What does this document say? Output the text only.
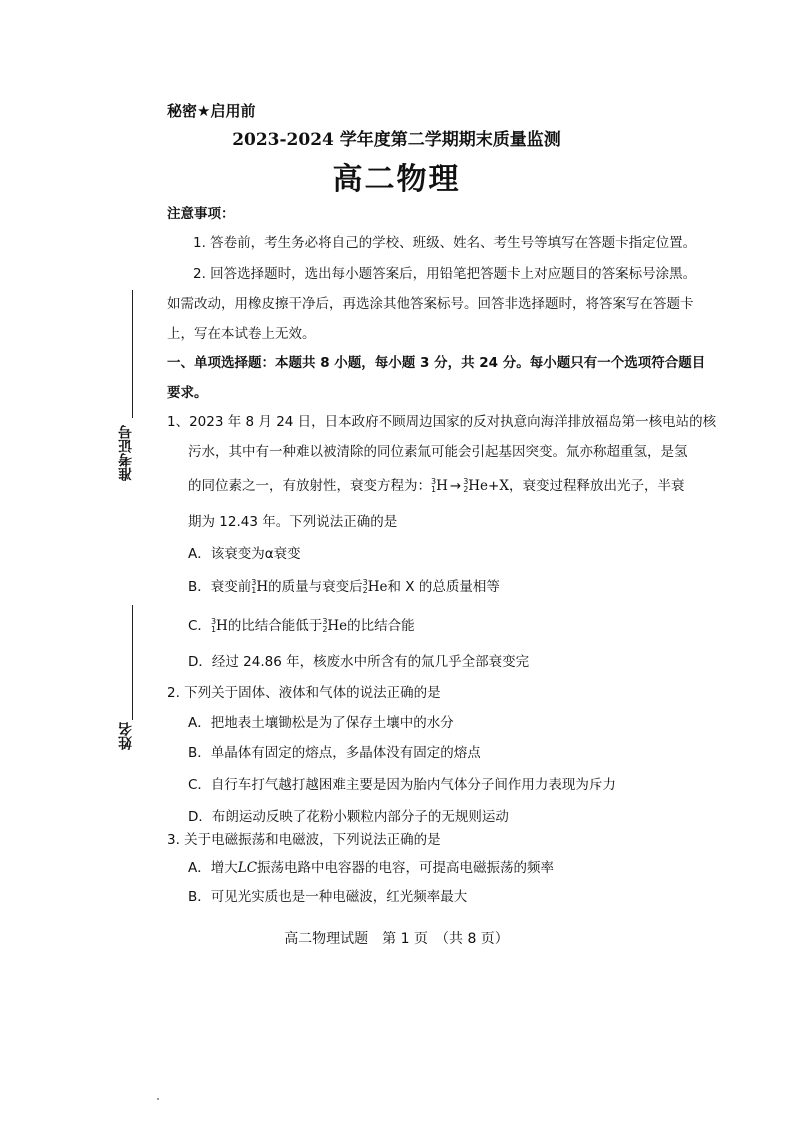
准考证号
姓名

秘密★启用前

2023-2024 学年度第二学期期末质量监测

高二物理

注意事项：

1. 答卷前，考生务必将自己的学校、班级、姓名、考生号等填写在答题卡指定位置。

2. 回答选择题时，选出每小题答案后，用铅笔把答题卡上对应题目的答案标号涂黑。

如需改动，用橡皮擦干净后，再选涂其他答案标号。回答非选择题时，将答案写在答题卡

上，写在本试卷上无效。

一、单项选择题：本题共 8 小题，每小题 3 分，共 24 分。每小题只有一个选项符合题目

要求。

1、2023 年 8 月 24 日，日本政府不顾周边国家的反对执意向海洋排放福岛第一核电站的核

污水，其中有一种难以被清除的同位素氚可能会引起基因突变。氚亦称超重氢，是氢

的同位素之一，有放射性，衰变方程为： 3
1 H → 3
2 He+X，衰变过程释放出光子，半衰

期为 12.43 年。下列说法正确的是

A．该衰变为α衰变

B．衰变前 3
1 H的质量与衰变后 3
2 He和 X 的总质量相等

C． 3
1 H的比结合能低于 3
2 He的比结合能

D．经过 24.86 年，核废水中所含有的氚几乎全部衰变完

2. 下列关于固体、液体和气体的说法正确的是

A．把地表土壤锄松是为了保存土壤中的水分

B．单晶体有固定的熔点，多晶体没有固定的熔点

C．自行车打气越打越困难主要是因为胎内气体分子间作用力表现为斥力

D．布朗运动反映了花粉小颗粒内部分子的无规则运动

3. 关于电磁振荡和电磁波，下列说法正确的是

A．增大LC振荡电路中电容器的电容，可提高电磁振荡的频率

B．可见光实质也是一种电磁波，红光频率最大

高二物理试题　第 1 页　（共 8 页）
